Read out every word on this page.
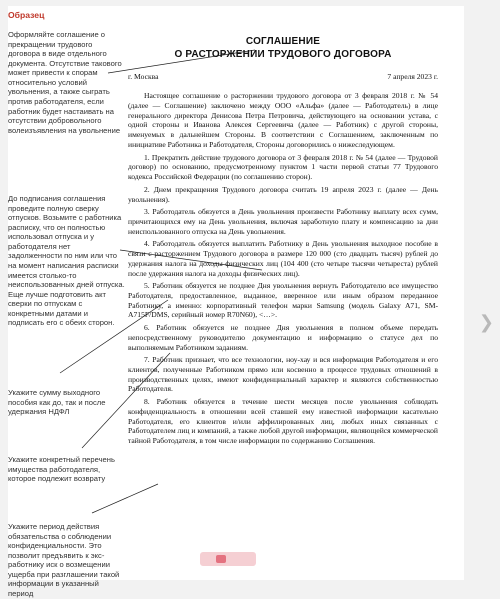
Образец

Оформляйте соглашение о прекращении трудового договора в виде отдельного документа. Отсутствие такового может привести к спорам относительно условий увольнения, а также сыграть против работодателя, если работник будет настаивать на отсутствии добровольного волеизъявления на увольнение

До подписания соглашения проведите полную сверку отпусков. Возьмите с работника расписку, что он полностью использовал отпуска и у работодателя нет задолженности по ним или что на момент написания расписки имеется столько-то неиспользованных дней отпуска. Еще лучше подготовить акт сверки по отпускам с конкретными датами и подписать его с обеих сторон.

Укажите сумму выходного пособия как до, так и после удержания НДФЛ

Укажите конкретный перечень имущества работодателя, которое подлежит возврату

Укажите период действия обязательства о соблюдении конфиденциальности. Это позволит предъявить к экс-работнику иск о возмещении ущерба при разглашении такой информации в указанный период

СОГЛАШЕНИЕ
О РАСТОРЖЕНИИ ТРУДОВОГО ДОГОВОРА
г. Москва	7 апреля 2023 г.

Настоящее соглашение о расторжении трудового договора от 3 февраля 2018 г. № 54 (далее — Соглашение) заключено между ООО «Альфа» (далее — Работодатель) в лице генерального директора Денисова Петра Петровича, действующего на основании устава, с одной стороны и Иванова Алексея Сергеевича (далее — Работник) с другой стороны, именуемых в дальнейшем Стороны. В соответствии с Соглашением, заключенным по инициативе Работника и Работодателя, Стороны договорились о нижеследующем.

1. Прекратить действие трудового договора от 3 февраля 2018 г. № 54 (далее — Трудовой договор) по основанию, предусмотренному пунктом 1 части первой статьи 77 Трудового кодекса Российской Федерации (по соглашению сторон).

2. Днем прекращения Трудового договора считать 19 апреля 2023 г. (далее — День увольнения).

3. Работодатель обязуется в День увольнения произвести Работнику выплату всех сумм, причитающихся ему на День увольнения, включая заработную плату и компенсацию за дни неиспользованного отпуска на День увольнения.

4. Работодатель обязуется выплатить Работнику в День увольнения выходное пособие в связи с расторжением Трудового договора в размере 120 000 (сто двадцать тысяч) рублей до удержания налога на доходы физических лиц (104 400 (сто четыре тысячи четыреста) рублей после удержания налога на доходы физических лиц).

5. Работник обязуется не позднее Дня увольнения вернуть Работодателю все имущество Работодателя, предоставленное, выданное, вверенное или иным образом переданное Работнику, а именно: корпоративный телефон марки Samsung (модель Galaxy A71, SM-A715F/DMS, серийный номер R70N60), <…>.

6. Работник обязуется не позднее Дня увольнения в полном объеме передать непосредственному руководителю документацию и информацию о статусе дел по выполняемым Работником заданиям.

7. Работник признает, что все технологии, ноу-хау и вся информация Работодателя и его клиентов, полученные Работником прямо или косвенно в процессе трудовых отношений в производственных целях, имеют конфиденциальный характер и являются собственностью Работодателя.

8. Работник обязуется в течение шести месяцев после увольнения соблюдать конфиденциальность в отношении всей ставшей ему известной информации касательно Работодателя, его клиентов и/или аффилированных лиц, любых иных связанных с Работодателем лиц и компаний, а также любой другой информации, являющейся коммерческой тайной Работодателя, в том числе информации по содержанию Соглашения.

❯
